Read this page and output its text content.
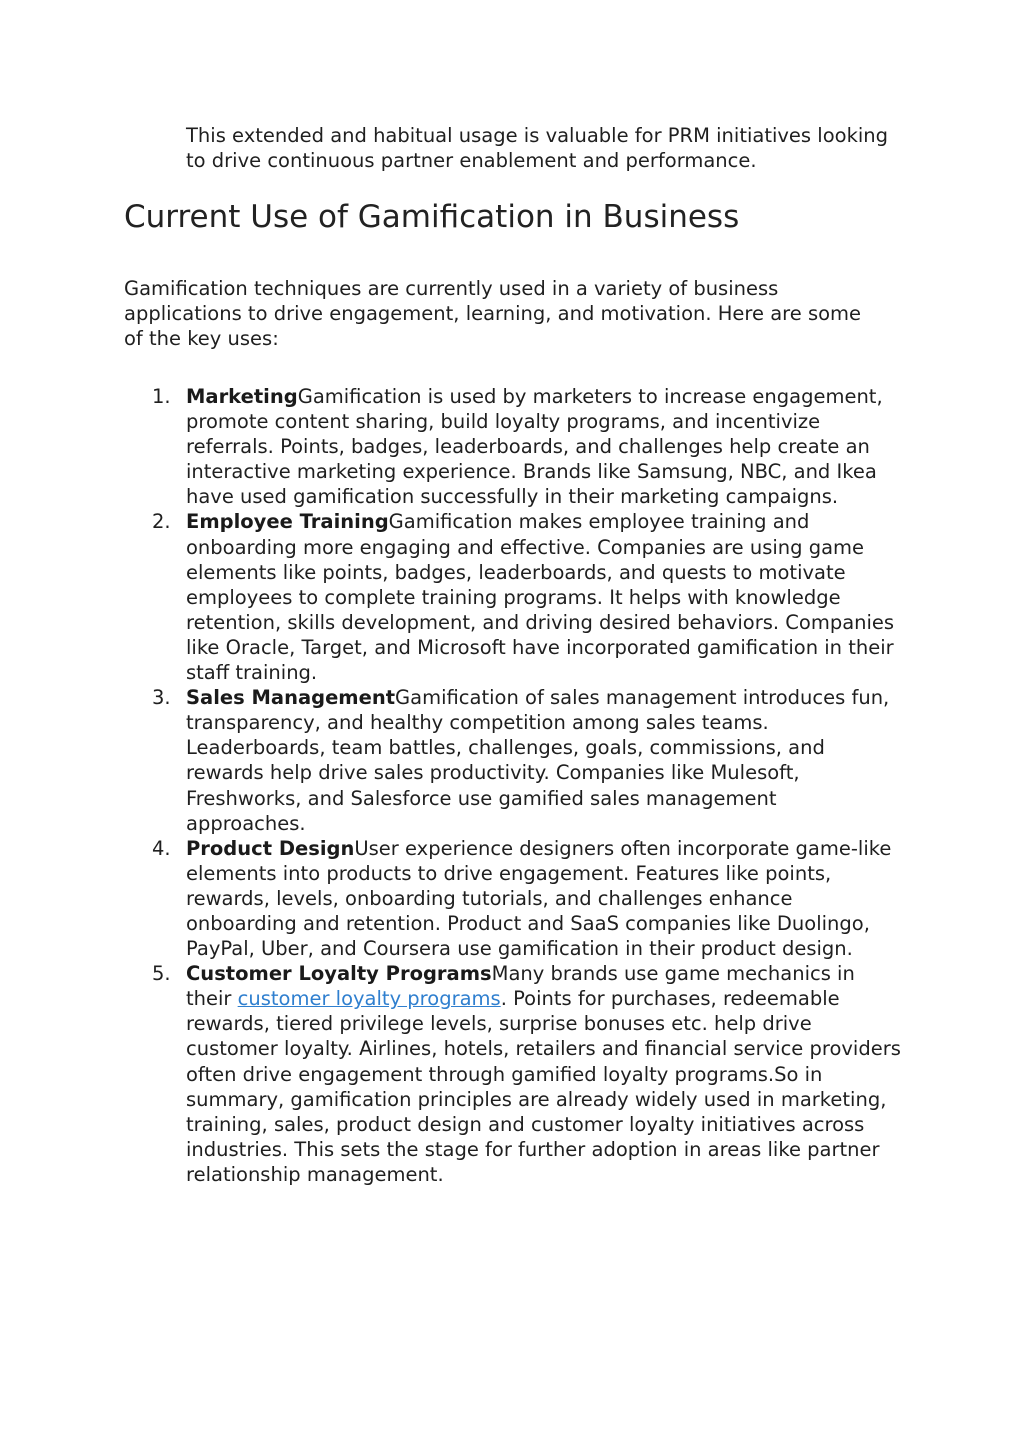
This extended and habitual usage is valuable for PRM initiatives looking to drive continuous partner enablement and performance.

Current Use of Gamification in Business

Gamification techniques are currently used in a variety of business applications to drive engagement, learning, and motivation. Here are some of the key uses:

1. MarketingGamification is used by marketers to increase engagement, promote content sharing, build loyalty programs, and incentivize referrals. Points, badges, leaderboards, and challenges help create an interactive marketing experience. Brands like Samsung, NBC, and Ikea have used gamification successfully in their marketing campaigns.
2. Employee TrainingGamification makes employee training and onboarding more engaging and effective. Companies are using game elements like points, badges, leaderboards, and quests to motivate employees to complete training programs. It helps with knowledge retention, skills development, and driving desired behaviors. Companies like Oracle, Target, and Microsoft have incorporated gamification in their staff training.
3. Sales ManagementGamification of sales management introduces fun, transparency, and healthy competition among sales teams. Leaderboards, team battles, challenges, goals, commissions, and rewards help drive sales productivity. Companies like Mulesoft, Freshworks, and Salesforce use gamified sales management approaches.
4. Product DesignUser experience designers often incorporate game-like elements into products to drive engagement. Features like points, rewards, levels, onboarding tutorials, and challenges enhance onboarding and retention. Product and SaaS companies like Duolingo, PayPal, Uber, and Coursera use gamification in their product design.
5. Customer Loyalty ProgramsMany brands use game mechanics in their customer loyalty programs. Points for purchases, redeemable rewards, tiered privilege levels, surprise bonuses etc. help drive customer loyalty. Airlines, hotels, retailers and financial service providers often drive engagement through gamified loyalty programs.So in summary, gamification principles are already widely used in marketing, training, sales, product design and customer loyalty initiatives across industries. This sets the stage for further adoption in areas like partner relationship management.
